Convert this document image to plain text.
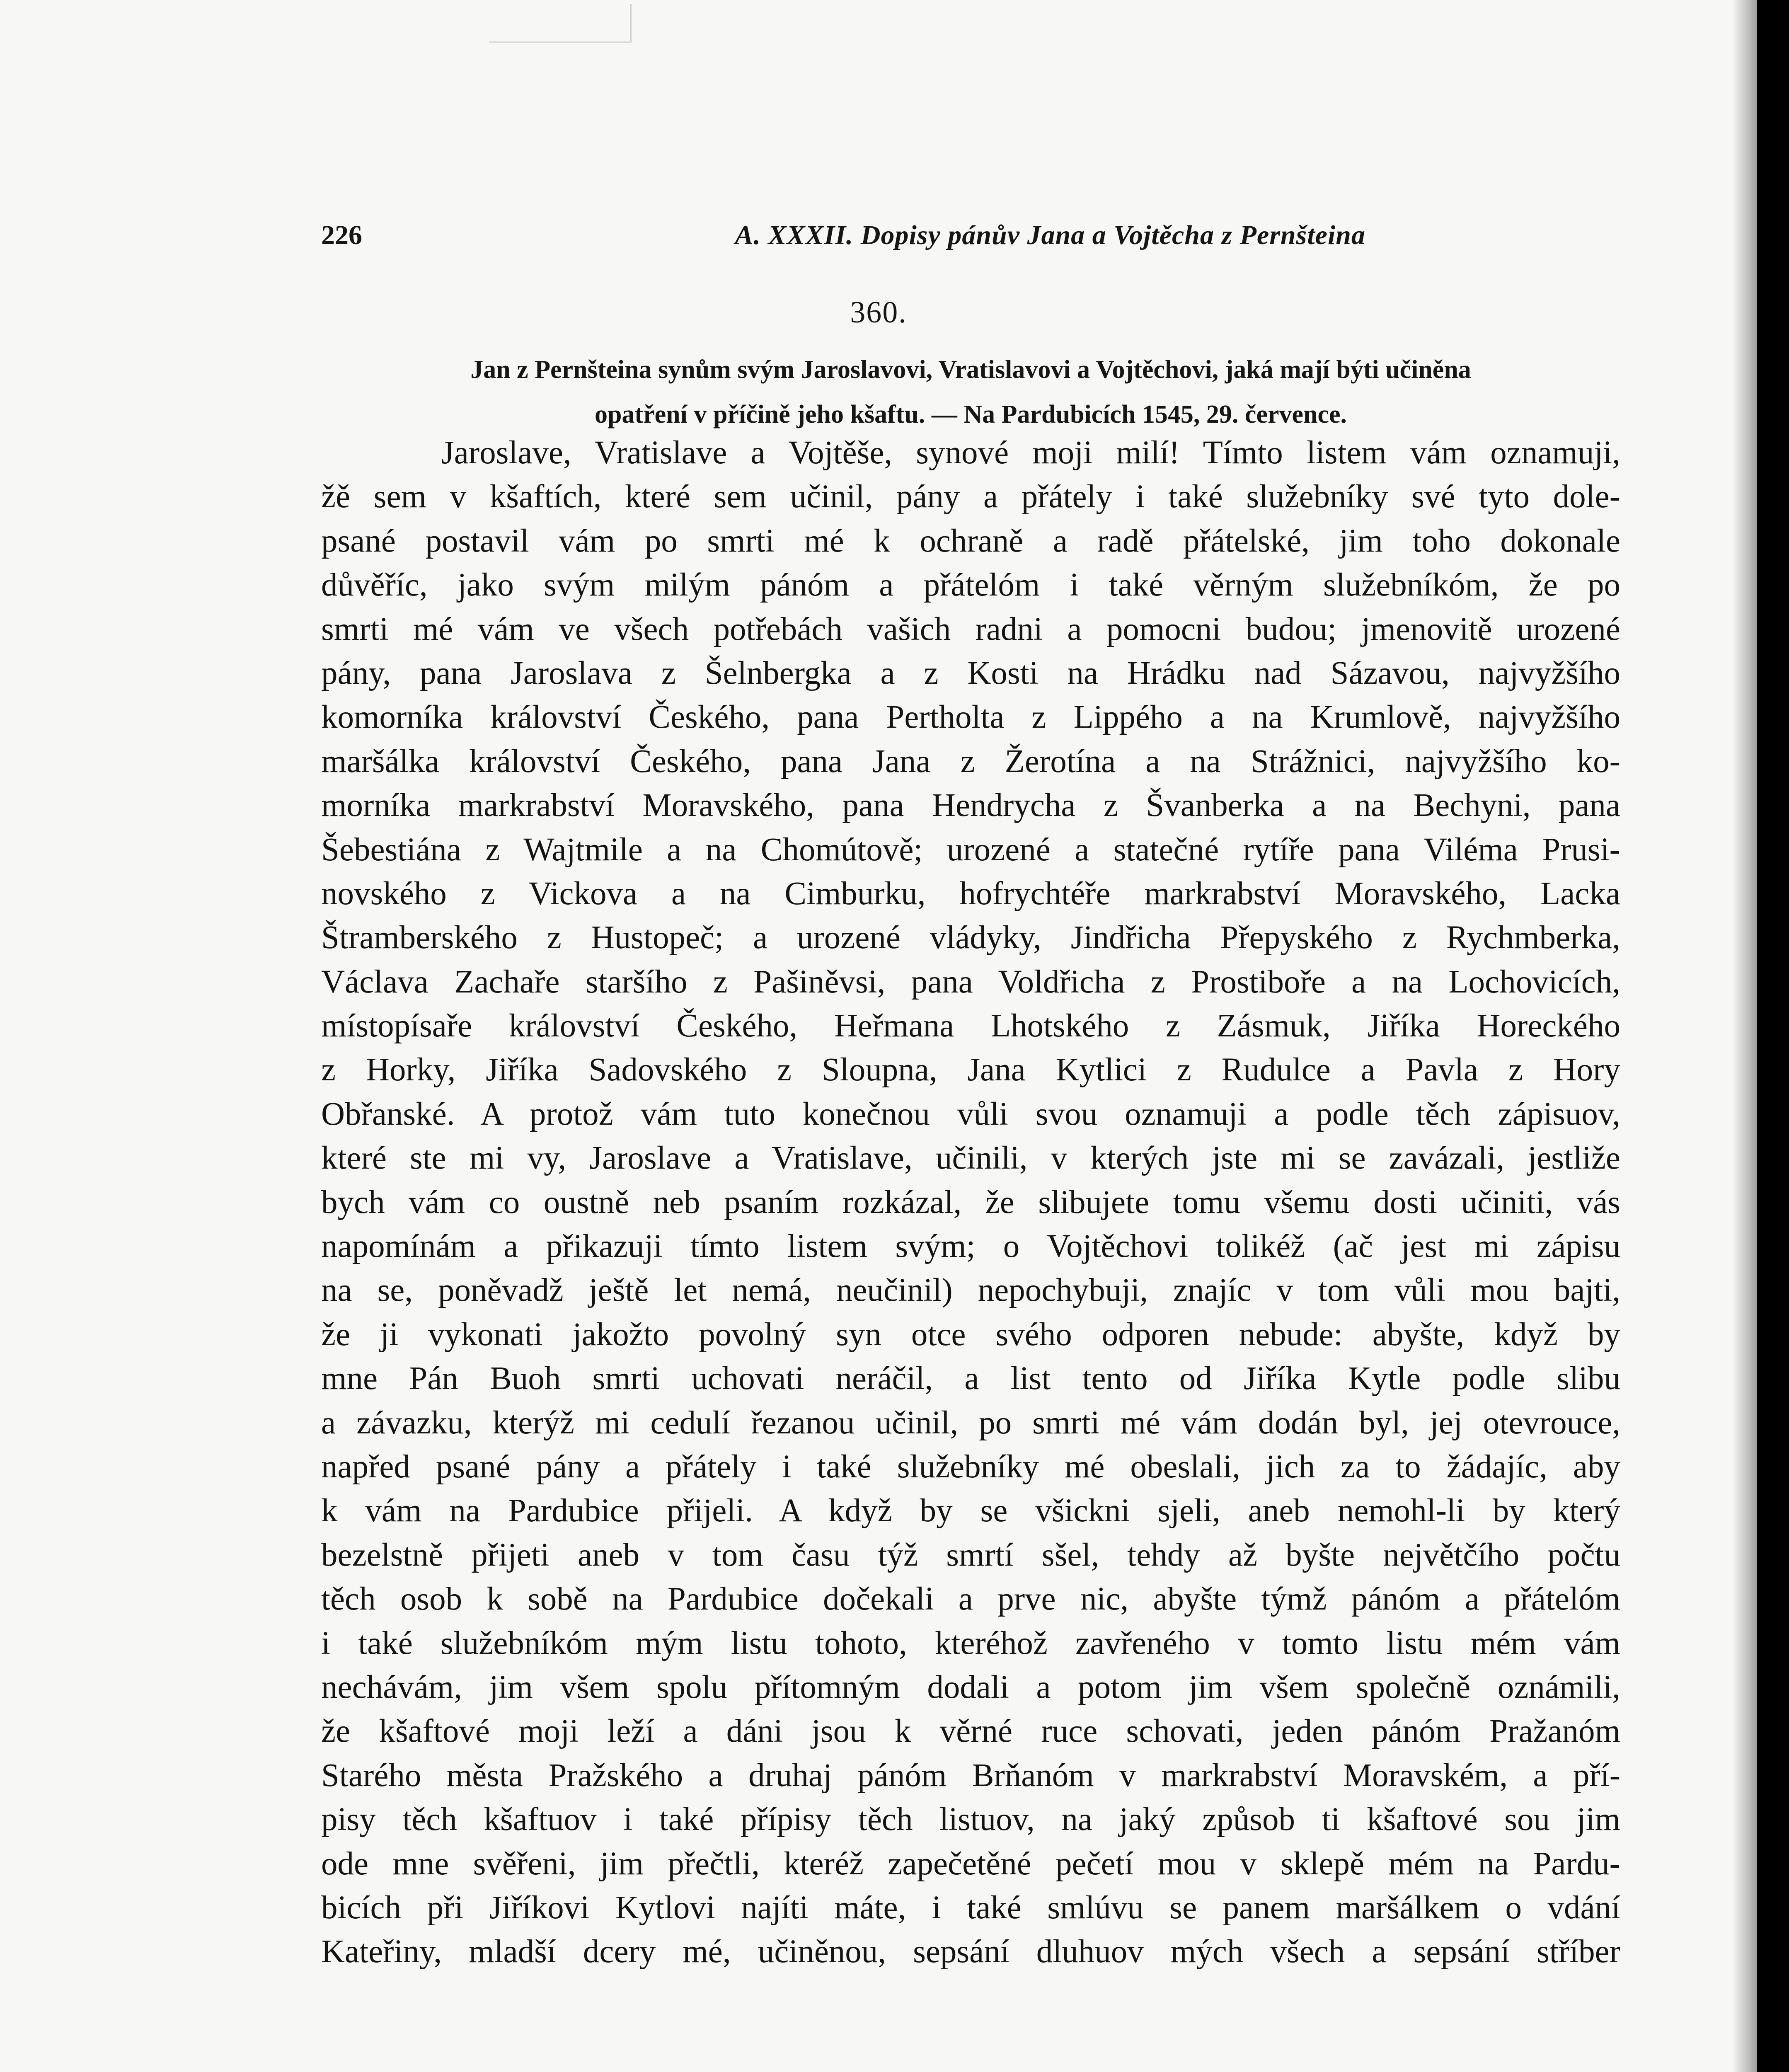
226	A. XXXII. Dopisy pánův Jana a Vojtěcha z Pernšteina
360.
Jan z Pernšteina synům svým Jaroslavovi, Vratislavovi a Vojtěchovi, jaká mají býti učiněna
opatření v příčině jeho kšaftu. — Na Pardubicích 1545, 29. července.
Jaroslave, Vratislave a Vojtěše, synové moji milí! Tímto listem vám oznamuji,
žě sem v kšaftích, které sem učinil, pány a přátely i také služebníky své tyto dole-
psané postavil vám po smrti mé k ochraně a radě přátelské, jim toho dokonale
důvěříc, jako svým milým pánóm a přátelóm i také věrným služebníkóm, že po
smrti mé vám ve všech potřebách vašich radni a pomocni budou; jmenovitě urozené
pány, pana Jaroslava z Šelnbergka a z Kosti na Hrádku nad Sázavou, najvyžšího
komorníka království Českého, pana Pertholta z Lippého a na Krumlově, najvyžšího
maršálka království Českého, pana Jana z Žerotína a na Strážnici, najvyžšího ko-
morníka markrabství Moravského, pana Hendrycha z Švanberka a na Bechyni, pana
Šebestiána z Wajtmile a na Chomútově; urozené a statečné rytíře pana Viléma Prusi-
novského z Vickova a na Cimburku, hofrychtéře markrabství Moravského, Lacka
Štramberského z Hustopeč; a urozené vládyky, Jindřicha Přepyského z Rychmberka,
Václava Zachaře staršího z Pašiněvsi, pana Voldřicha z Prostiboře a na Lochovicích,
místopísaře království Českého, Heřmana Lhotského z Zásmuk, Jiříka Horeckého
z Horky, Jiříka Sadovského z Sloupna, Jana Kytlici z Rudulce a Pavla z Hory
Obřanské. A protož vám tuto konečnou vůli svou oznamuji a podle těch zápisuov,
které ste mi vy, Jaroslave a Vratislave, učinili, v kterých jste mi se zavázali, jestliže
bych vám co oustně neb psaním rozkázal, že slibujete tomu všemu dosti učiniti, vás
napomínám a přikazuji tímto listem svým; o Vojtěchovi tolikéž (ač jest mi zápisu
na se, poněvadž ještě let nemá, neučinil) nepochybuji, znajíc v tom vůli mou bajti,
že ji vykonati jakožto povolný syn otce svého odporen nebude: abyšte, když by
mne Pán Buoh smrti uchovati neráčil, a list tento od Jiříka Kytle podle slibu
a závazku, kterýž mi cedulí řezanou učinil, po smrti mé vám dodán byl, jej otevrouce,
napřed psané pány a přátely i také služebníky mé obeslali, jich za to žádajíc, aby
k vám na Pardubice přijeli. A když by se všickni sjeli, aneb nemohl-li by který
bezelstně přijeti aneb v tom času týž smrtí sšel, tehdy až byšte největčího počtu
těch osob k sobě na Pardubice dočekali a prve nic, abyšte týmž pánóm a přátelóm
i také služebníkóm mým listu tohoto, kteréhož zavřeného v tomto listu mém vám
nechávám, jim všem spolu přítomným dodali a potom jim všem společně oznámili,
že kšaftové moji leží a dáni jsou k věrné ruce schovati, jeden pánóm Pražanóm
Starého města Pražského a druhaj pánóm Brňanóm v markrabství Moravském, a pří-
pisy těch kšaftuov i také přípisy těch listuov, na jaký způsob ti kšaftové sou jim
ode mne svěřeni, jim přečtli, kteréž zapečetěné pečetí mou v sklepě mém na Pardu-
bicích při Jiříkovi Kytlovi najíti máte, i také smlúvu se panem maršálkem o vdání
Kateřiny, mladší dcery mé, učiněnou, sepsání dluhuov mých všech a sepsání stříber
